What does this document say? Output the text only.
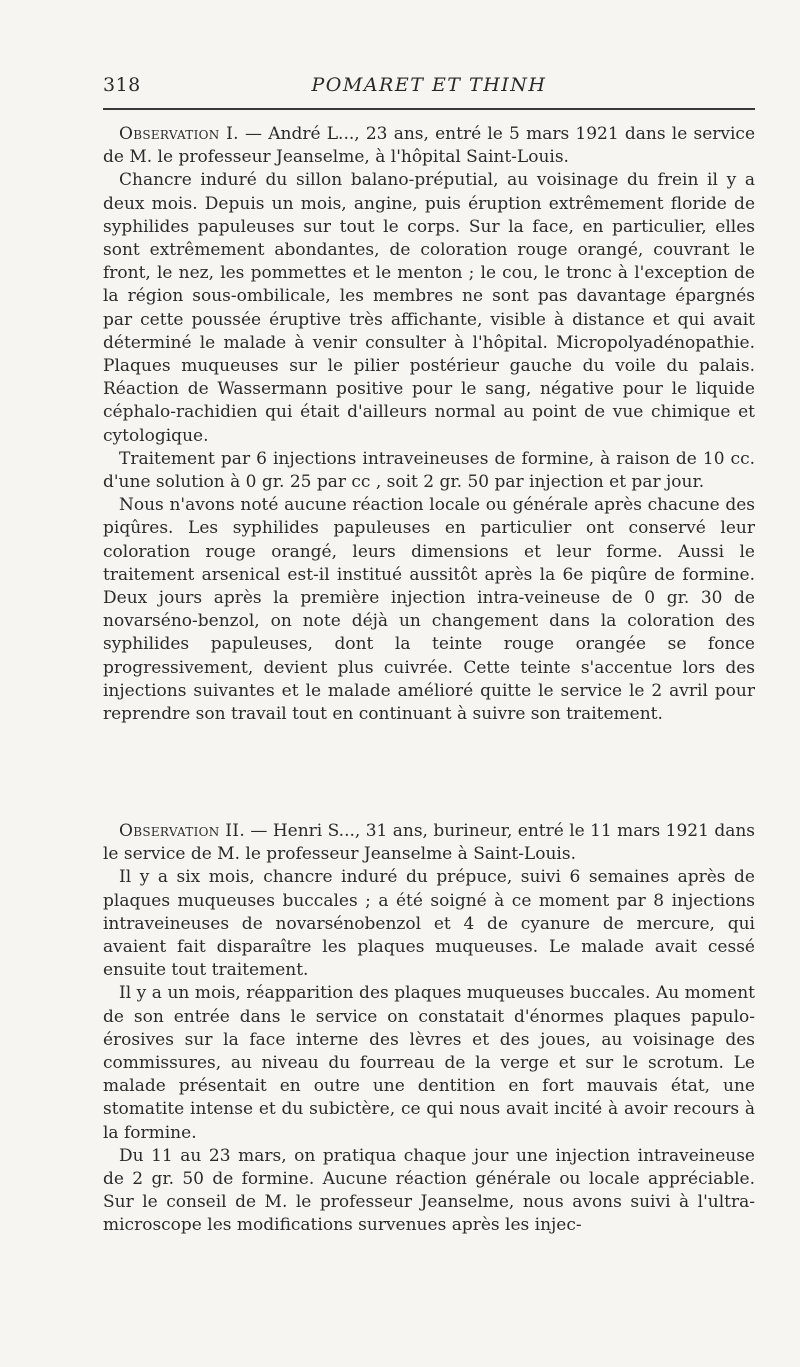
318	POMARET ET THINH

Observation I. — André L..., 23 ans, entré le 5 mars 1921 dans le service de M. le professeur Jeanselme, à l'hôpital Saint-Louis.

Chancre induré du sillon balano-préputial, au voisinage du frein il y a deux mois. Depuis un mois, angine, puis éruption extrêmement floride de syphilides papuleuses sur tout le corps. Sur la face, en particulier, elles sont extrêmement abondantes, de coloration rouge orangé, couvrant le front, le nez, les pommettes et le menton ; le cou, le tronc à l'exception de la région sous-ombilicale, les membres ne sont pas davantage épargnés par cette poussée éruptive très affichante, visible à distance et qui avait déterminé le malade à venir consulter à l'hôpital. Micropolyadénopathie. Plaques muqueuses sur le pilier postérieur gauche du voile du palais. Réaction de Wassermann positive pour le sang, négative pour le liquide céphalo-rachidien qui était d'ailleurs normal au point de vue chimique et cytologique.

Traitement par 6 injections intraveineuses de formine, à raison de 10 cc. d'une solution à 0 gr. 25 par cc , soit 2 gr. 50 par injection et par jour.

Nous n'avons noté aucune réaction locale ou générale après chacune des piqûres. Les syphilides papuleuses en particulier ont conservé leur coloration rouge orangé, leurs dimensions et leur forme. Aussi le traitement arsenical est-il institué aussitôt après la 6e piqûre de formine. Deux jours après la première injection intra-veineuse de 0 gr. 30 de novarséno-benzol, on note déjà un changement dans la coloration des syphilides papuleuses, dont la teinte rouge orangée se fonce progressivement, devient plus cuivrée. Cette teinte s'accentue lors des injections suivantes et le malade amélioré quitte le service le 2 avril pour reprendre son travail tout en continuant à suivre son traitement.

Observation II. — Henri S..., 31 ans, burineur, entré le 11 mars 1921 dans le service de M. le professeur Jeanselme à Saint-Louis.

Il y a six mois, chancre induré du prépuce, suivi 6 semaines après de plaques muqueuses buccales ; a été soigné à ce moment par 8 injections intraveineuses de novarsénobenzol et 4 de cyanure de mercure, qui avaient fait disparaître les plaques muqueuses. Le malade avait cessé ensuite tout traitement.

Il y a un mois, réapparition des plaques muqueuses buccales. Au moment de son entrée dans le service on constatait d'énormes plaques papulo-érosives sur la face interne des lèvres et des joues, au voisinage des commissures, au niveau du fourreau de la verge et sur le scrotum. Le malade présentait en outre une dentition en fort mauvais état, une stomatite intense et du subictère, ce qui nous avait incité à avoir recours à la formine.

Du 11 au 23 mars, on pratiqua chaque jour une injection intraveineuse de 2 gr. 50 de formine. Aucune réaction générale ou locale appréciable. Sur le conseil de M. le professeur Jeanselme, nous avons suivi à l'ultra-microscope les modifications survenues après les injec-
